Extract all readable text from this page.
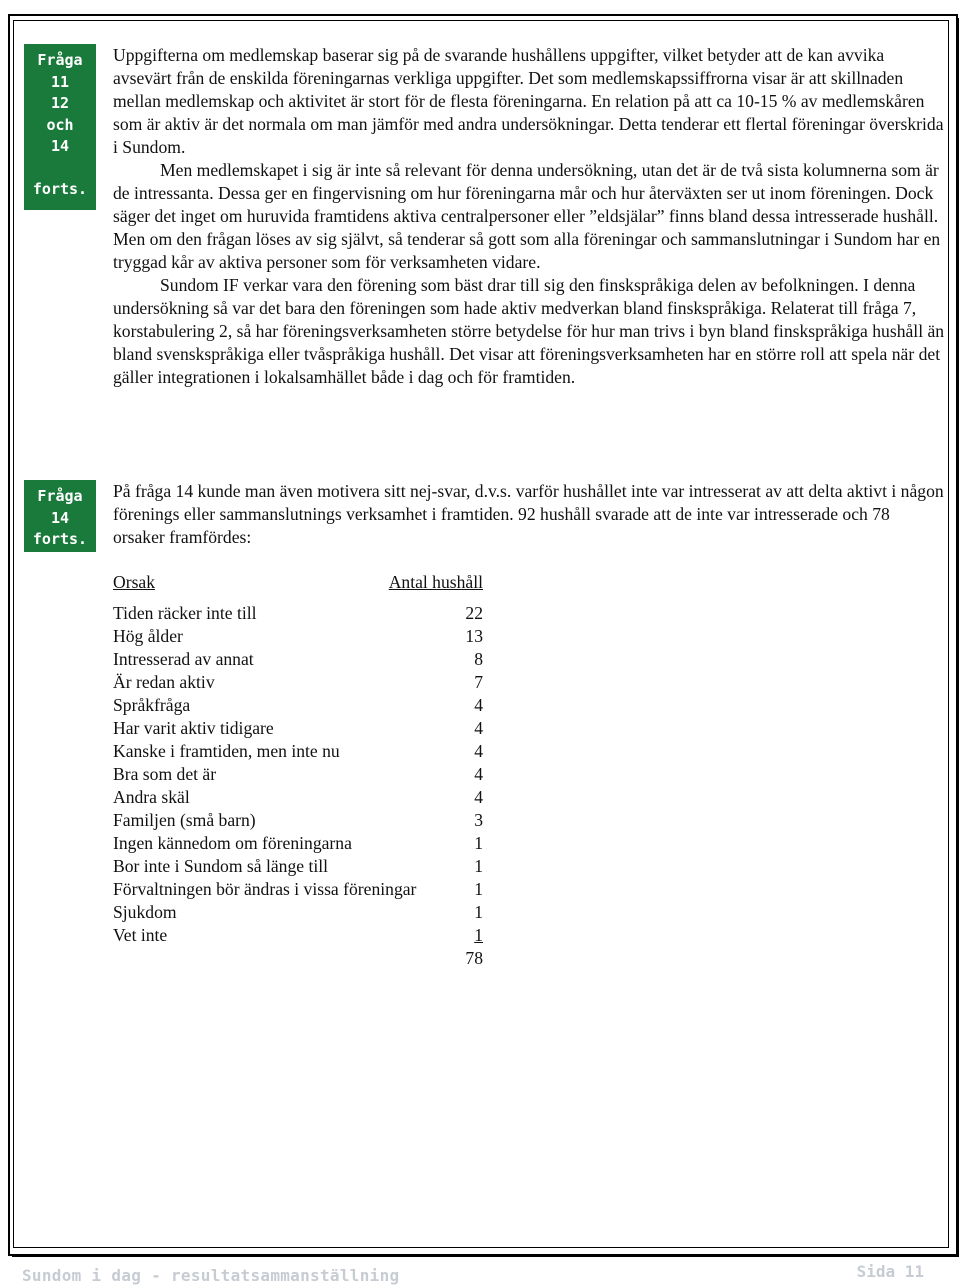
Fråga
11
12
och
14

forts.

Uppgifterna om medlemskap baserar sig på de svarande hushållens uppgifter, vilket betyder att de kan avvika avsevärt från de enskilda föreningarnas verkliga uppgifter. Det som medlemskapssiffrorna visar är att skillnaden mellan medlemskap och aktivitet är stort för de flesta föreningarna. En relation på att ca 10-15 % av medlemskåren som är aktiv är det normala om man jämför med andra undersökningar. Detta tenderar ett flertal föreningar överskrida i Sundom.

Men medlemskapet i sig är inte så relevant för denna undersökning, utan det är de två sista kolumnerna som är de intressanta. Dessa ger en fingervisning om hur föreningarna mår och hur återväxten ser ut inom föreningen. Dock säger det inget om huruvida framtidens aktiva centralpersoner eller ”eldsjälar” finns bland dessa intresserade hushåll. Men om den frågan löses av sig självt, så tenderar så gott som alla föreningar och sammanslutningar i Sundom har en tryggad kår av aktiva personer som för verksamheten vidare.

Sundom IF verkar vara den förening som bäst drar till sig den finskspråkiga delen av befolkningen. I denna undersökning så var det bara den föreningen som hade aktiv medverkan bland finskspråkiga. Relaterat till fråga 7, korstabulering 2, så har föreningsverksamheten större betydelse för hur man trivs i byn bland finskspråkiga hushåll än bland svenskspråkiga eller tvåspråkiga hushåll. Det visar att föreningsverksamheten har en större roll att spela när det gäller integrationen i lokalsamhället både i dag och för framtiden.

Fråga
14
forts.

På fråga 14 kunde man även motivera sitt nej-svar, d.v.s. varför hushållet inte var intresserat av att delta aktivt i någon förenings eller sammanslutnings verksamhet i framtiden. 92 hushåll svarade att de inte var intresserade och 78 orsaker framfördes:

Orsak	Antal hushåll
Tiden räcker inte till	22
Hög ålder	13
Intresserad av annat	8
Är redan aktiv	7
Språkfråga	4
Har varit aktiv tidigare	4
Kanske i framtiden, men inte nu	4
Bra som det är	4
Andra skäl	4
Familjen (små barn)	3
Ingen kännedom om föreningarna	1
Bor inte i Sundom så länge till	1
Förvaltningen bör ändras i vissa föreningar	1
Sjukdom	1
Vet inte	1
78
Sundom i dag - resultatsammanställning	Sida 11
